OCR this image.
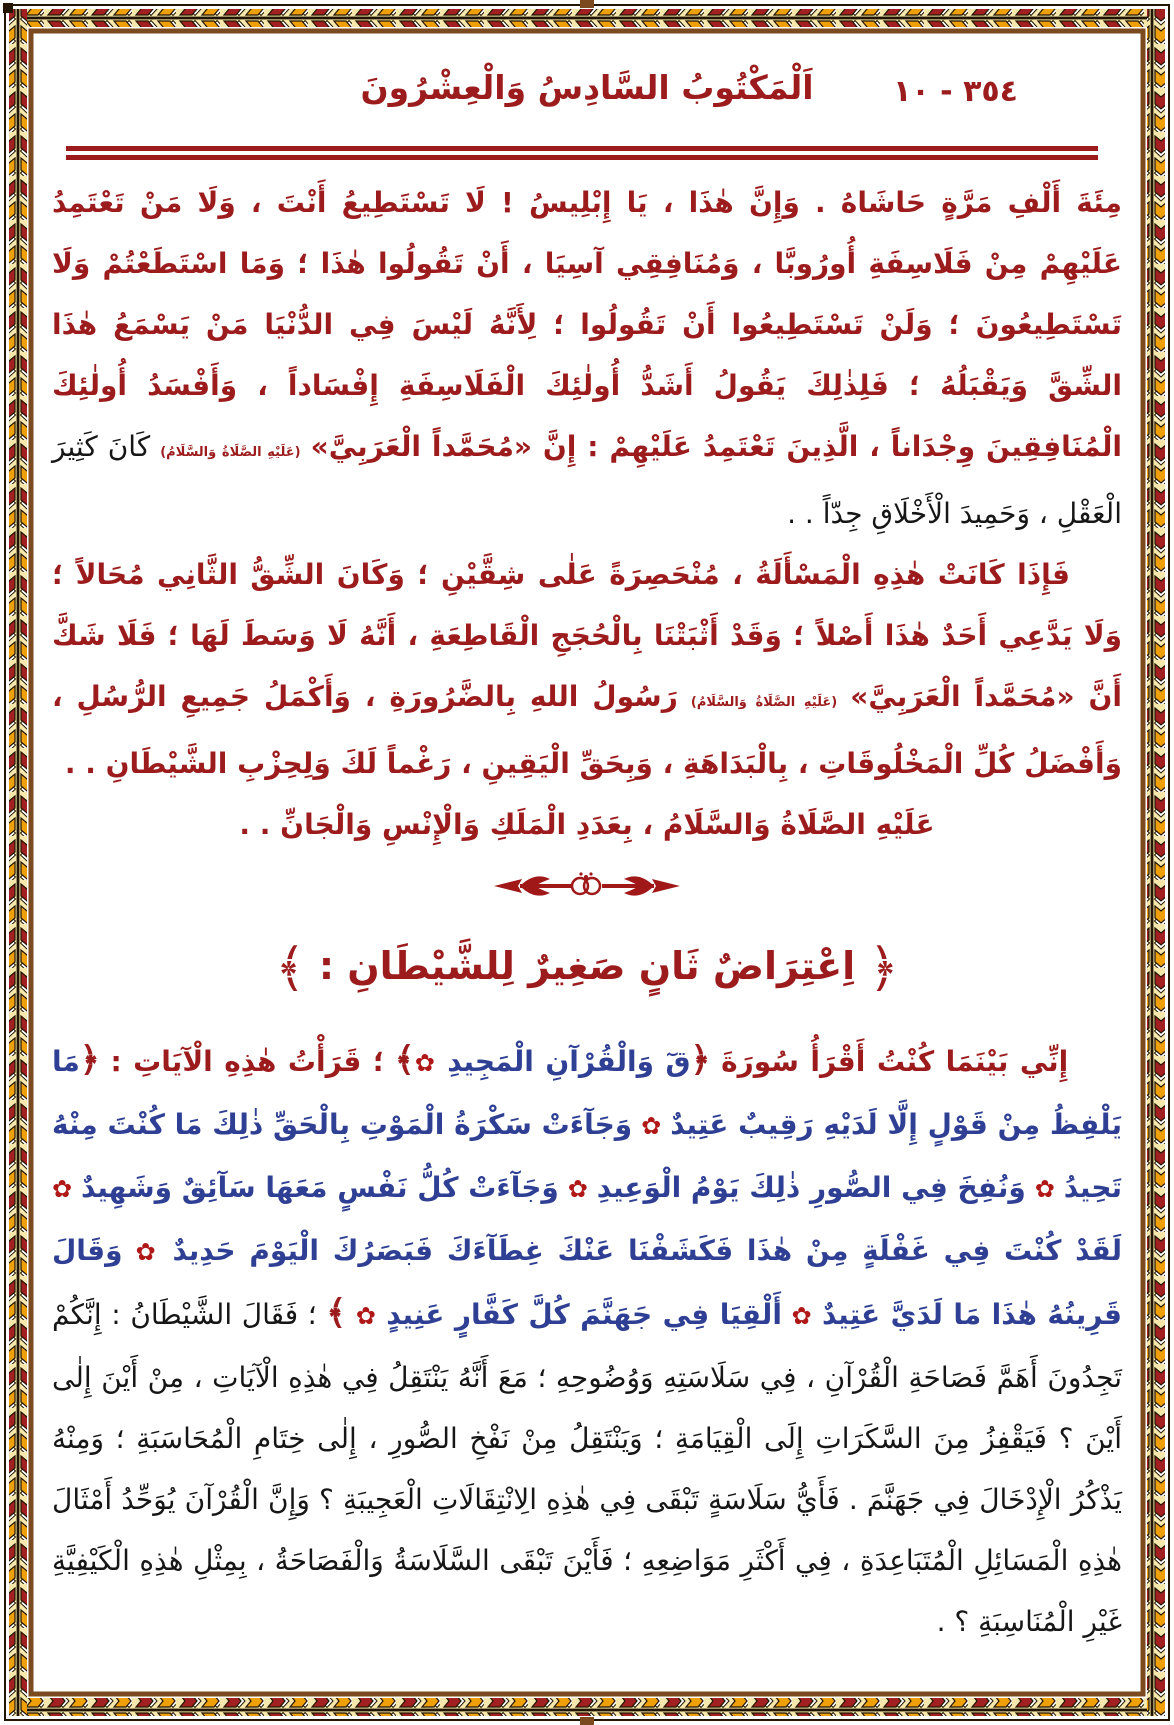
اَلْمَكْتُوبُ السَّادِسُ وَالْعِشْرُونَ	٣٥٤ - ١٠

مِئَةَ أَلْفِ مَرَّةٍ حَاشَاهُ . وَإِنَّ هٰذَا ، يَا إِبْلِيسُ ! لَا تَسْتَطِيعُ أَنْتَ ، وَلَا مَنْ تَعْتَمِدُ عَلَيْهِمْ مِنْ فَلَاسِفَةِ أُورُوبَّا ، وَمُنَافِقِي آسِيَا ، أَنْ تَقُولُوا هٰذَا ؛ وَمَا اسْتَطَعْتُمْ وَلَا تَسْتَطِيعُونَ ؛ وَلَنْ تَسْتَطِيعُوا أَنْ تَقُولُوا ؛ لِأَنَّهُ لَيْسَ فِي الدُّنْيَا مَنْ يَسْمَعُ هٰذَا الشِّقَّ وَيَقْبَلُهُ ؛ فَلِذٰلِكَ يَقُولُ أَشَدُّ أُولٰئِكَ الْفَلَاسِفَةِ إِفْسَاداً ، وَأَفْسَدُ أُولٰئِكَ الْمُنَافِقِينَ وِجْدَاناً ، الَّذِينَ تَعْتَمِدُ عَلَيْهِمْ : إِنَّ «مُحَمَّداً الْعَرَبِيَّ» (عَلَيْهِ الصَّلَاةُ وَالسَّلَامُ) كَانَ كَثِيرَ الْعَقْلِ ، وَحَمِيدَ الْأَخْلَاقِ جِدّاً . .

فَإِذَا كَانَتْ هٰذِهِ الْمَسْأَلَةُ ، مُنْحَصِرَةً عَلٰى شِقَّيْنِ ؛ وَكَانَ الشِّقُّ الثَّانِي مُحَالاً ؛ وَلَا يَدَّعِي أَحَدٌ هٰذَا أَصْلاً ؛ وَقَدْ أَثْبَتْنَا بِالْحُجَجِ الْقَاطِعَةِ ، أَنَّهُ لَا وَسَطَ لَهَا ؛ فَلَا شَكَّ أَنَّ «مُحَمَّداً الْعَرَبِيَّ» (عَلَيْهِ الصَّلَاةُ وَالسَّلَامُ) رَسُولُ اللهِ بِالضَّرُورَةِ ، وَأَكْمَلُ جَمِيعِ الرُّسُلِ ، وَأَفْضَلُ كُلِّ الْمَخْلُوقَاتِ ، بِالْبَدَاهَةِ ، وَبِحَقِّ الْيَقِينِ ، رَغْماً لَكَ وَلِحِزْبِ الشَّيْطَانِ . .

عَلَيْهِ الصَّلَاةُ وَالسَّلَامُ ، بِعَدَدِ الْمَلَكِ وَالْإِنْسِ وَالْجَانِّ . .

﴿ اِعْتِرَاضٌ ثَانٍ صَغِيرٌ لِلشَّيْطَانِ : ﴾

إِنِّي بَيْنَمَا كُنْتُ أَقْرَأُ سُورَةَ ﴿قٓ وَالْقُرْآنِ الْمَجِيدِ ✿﴾ ؛ قَرَأْتُ هٰذِهِ الْآيَاتِ : ﴿مَا يَلْفِظُ مِنْ قَوْلٍ إِلَّا لَدَيْهِ رَقِيبٌ عَتِيدٌ ✿ وَجَآءَتْ سَكْرَةُ الْمَوْتِ بِالْحَقِّ ذٰلِكَ مَا كُنْتَ مِنْهُ تَحِيدُ ✿ وَنُفِخَ فِي الصُّورِ ذٰلِكَ يَوْمُ الْوَعِيدِ ✿ وَجَآءَتْ كُلُّ نَفْسٍ مَعَهَا سَآئِقٌ وَشَهِيدٌ ✿ لَقَدْ كُنْتَ فِي غَفْلَةٍ مِنْ هٰذَا فَكَشَفْنَا عَنْكَ غِطَآءَكَ فَبَصَرُكَ الْيَوْمَ حَدِيدٌ ✿ وَقَالَ قَرِينُهُ هٰذَا مَا لَدَيَّ عَتِيدٌ ✿ أَلْقِيَا فِي جَهَنَّمَ كُلَّ كَفَّارٍ عَنِيدٍ ✿ ﴾ ؛ فَقَالَ الشَّيْطَانُ : إِنَّكُمْ تَجِدُونَ أَهَمَّ فَصَاحَةِ الْقُرْآنِ ، فِي سَلَاسَتِهِ وَوُضُوحِهِ ؛ مَعَ أَنَّهُ يَنْتَقِلُ فِي هٰذِهِ الْآيَاتِ ، مِنْ أَيْنَ إِلٰى أَيْنَ ؟ فَيَقْفِزُ مِنَ السَّكَرَاتِ إِلَى الْقِيَامَةِ ؛ وَيَنْتَقِلُ مِنْ نَفْخِ الصُّورِ ، إِلٰى خِتَامِ الْمُحَاسَبَةِ ؛ وَمِنْهُ يَذْكُرُ الْإِدْخَالَ فِي جَهَنَّمَ . فَأَيُّ سَلَاسَةٍ تَبْقَى فِي هٰذِهِ الِانْتِقَالَاتِ الْعَجِيبَةِ ؟ وَإِنَّ الْقُرْآنَ يُوَحِّدُ أَمْثَالَ هٰذِهِ الْمَسَائِلِ الْمُتَبَاعِدَةِ ، فِي أَكْثَرِ مَوَاضِعِهِ ؛ فَأَيْنَ تَبْقَى السَّلَاسَةُ وَالْفَصَاحَةُ ، بِمِثْلِ هٰذِهِ الْكَيْفِيَّةِ غَيْرِ الْمُنَاسِبَةِ ؟ .
